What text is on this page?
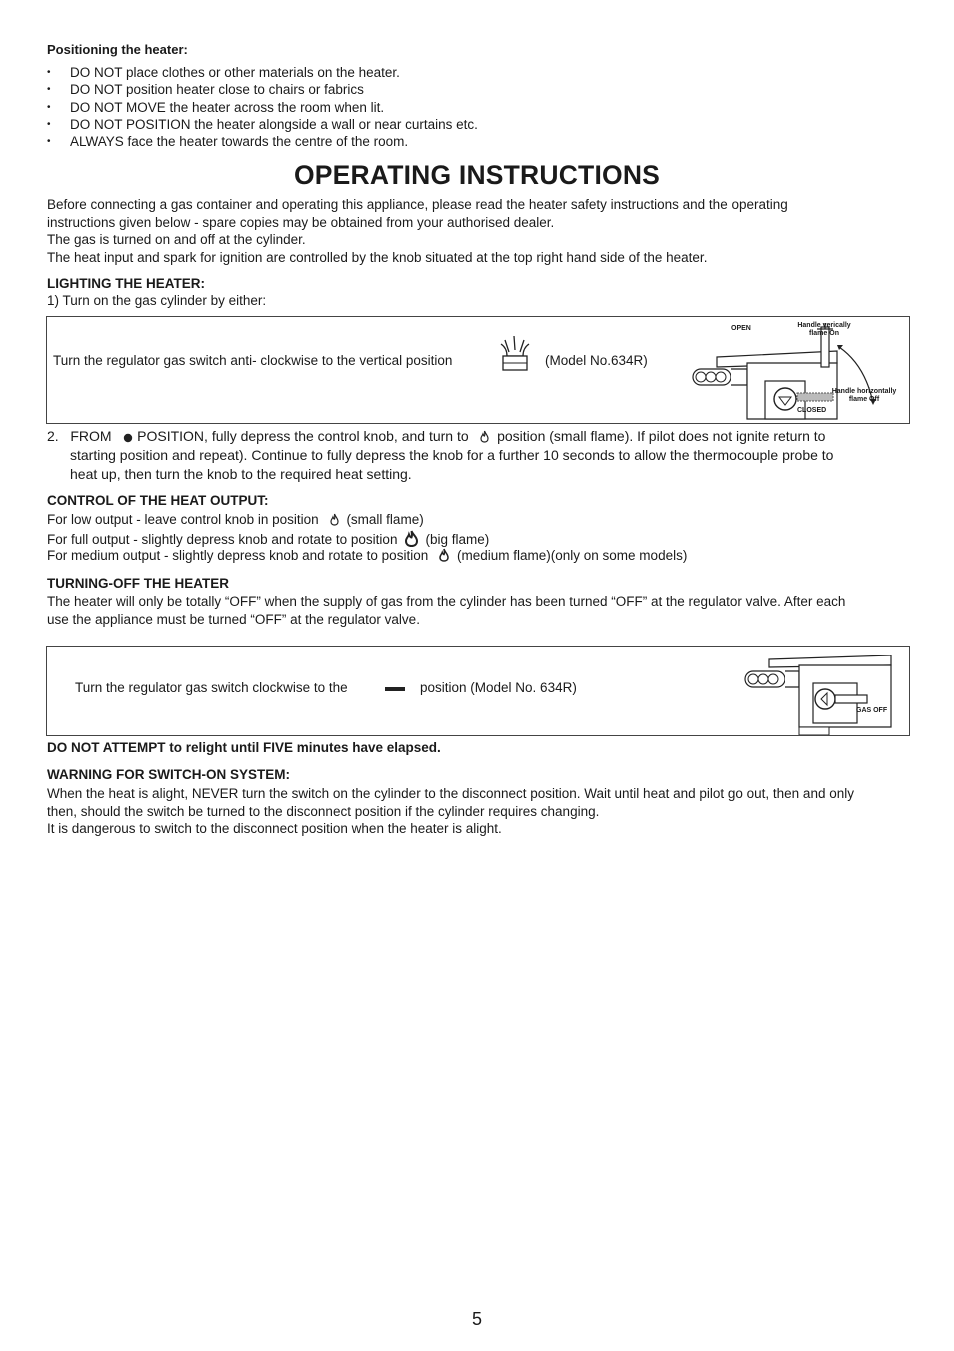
Positioning the heater:
• DO NOT place clothes or other materials on the heater.
• DO NOT position heater close to chairs or fabrics
• DO NOT MOVE the heater across the room when lit.
• DO NOT POSITION the heater alongside a wall or near curtains etc.
• ALWAYS face the heater towards the centre of the room.
OPERATING INSTRUCTIONS
Before connecting a gas container and operating this appliance, please read the heater safety instructions and the operating
instructions given below - spare copies may be obtained from your authorised dealer.
The gas is turned on and off at the cylinder.
The heat input and spark for ignition are controlled by the knob situated at the top right hand side of the heater.
LIGHTING THE HEATER:
1) Turn on the gas cylinder by either:
Turn the regulator gas switch anti- clockwise to the vertical position	(Model No.634R)
OPEN	Handle verically
flame On
Handle horizontally
flame Off
CLOSED
2. FROM POSITION, fully depress the control knob, and turn to position (small flame). If pilot does not ignite return to
starting position and repeat). Continue to fully depress the knob for a further 10 seconds to allow the thermocouple probe to
heat up, then turn the knob to the required heat setting.
CONTROL OF THE HEAT OUTPUT:
For low output - leave control knob in position (small flame)
For full output - slightly depress knob and rotate to position (big flame)
For medium output - slightly depress knob and rotate to position (medium flame)(only on some models)
TURNING-OFF THE HEATER
The heater will only be totally “OFF” when the supply of gas from the cylinder has been turned “OFF” at the regulator valve. After each
use the appliance must be turned “OFF” at the regulator valve.
Turn the regulator gas switch clockwise to the	position (Model No. 634R)
GAS OFF
DO NOT ATTEMPT to relight until FIVE minutes have elapsed.
WARNING FOR SWITCH-ON SYSTEM:
When the heat is alight, NEVER turn the switch on the cylinder to the disconnect position. Wait until heat and pilot go out, then and only
then, should the switch be turned to the disconnect position if the cylinder requires changing.
It is dangerous to switch to the disconnect position when the heater is alight.
5
